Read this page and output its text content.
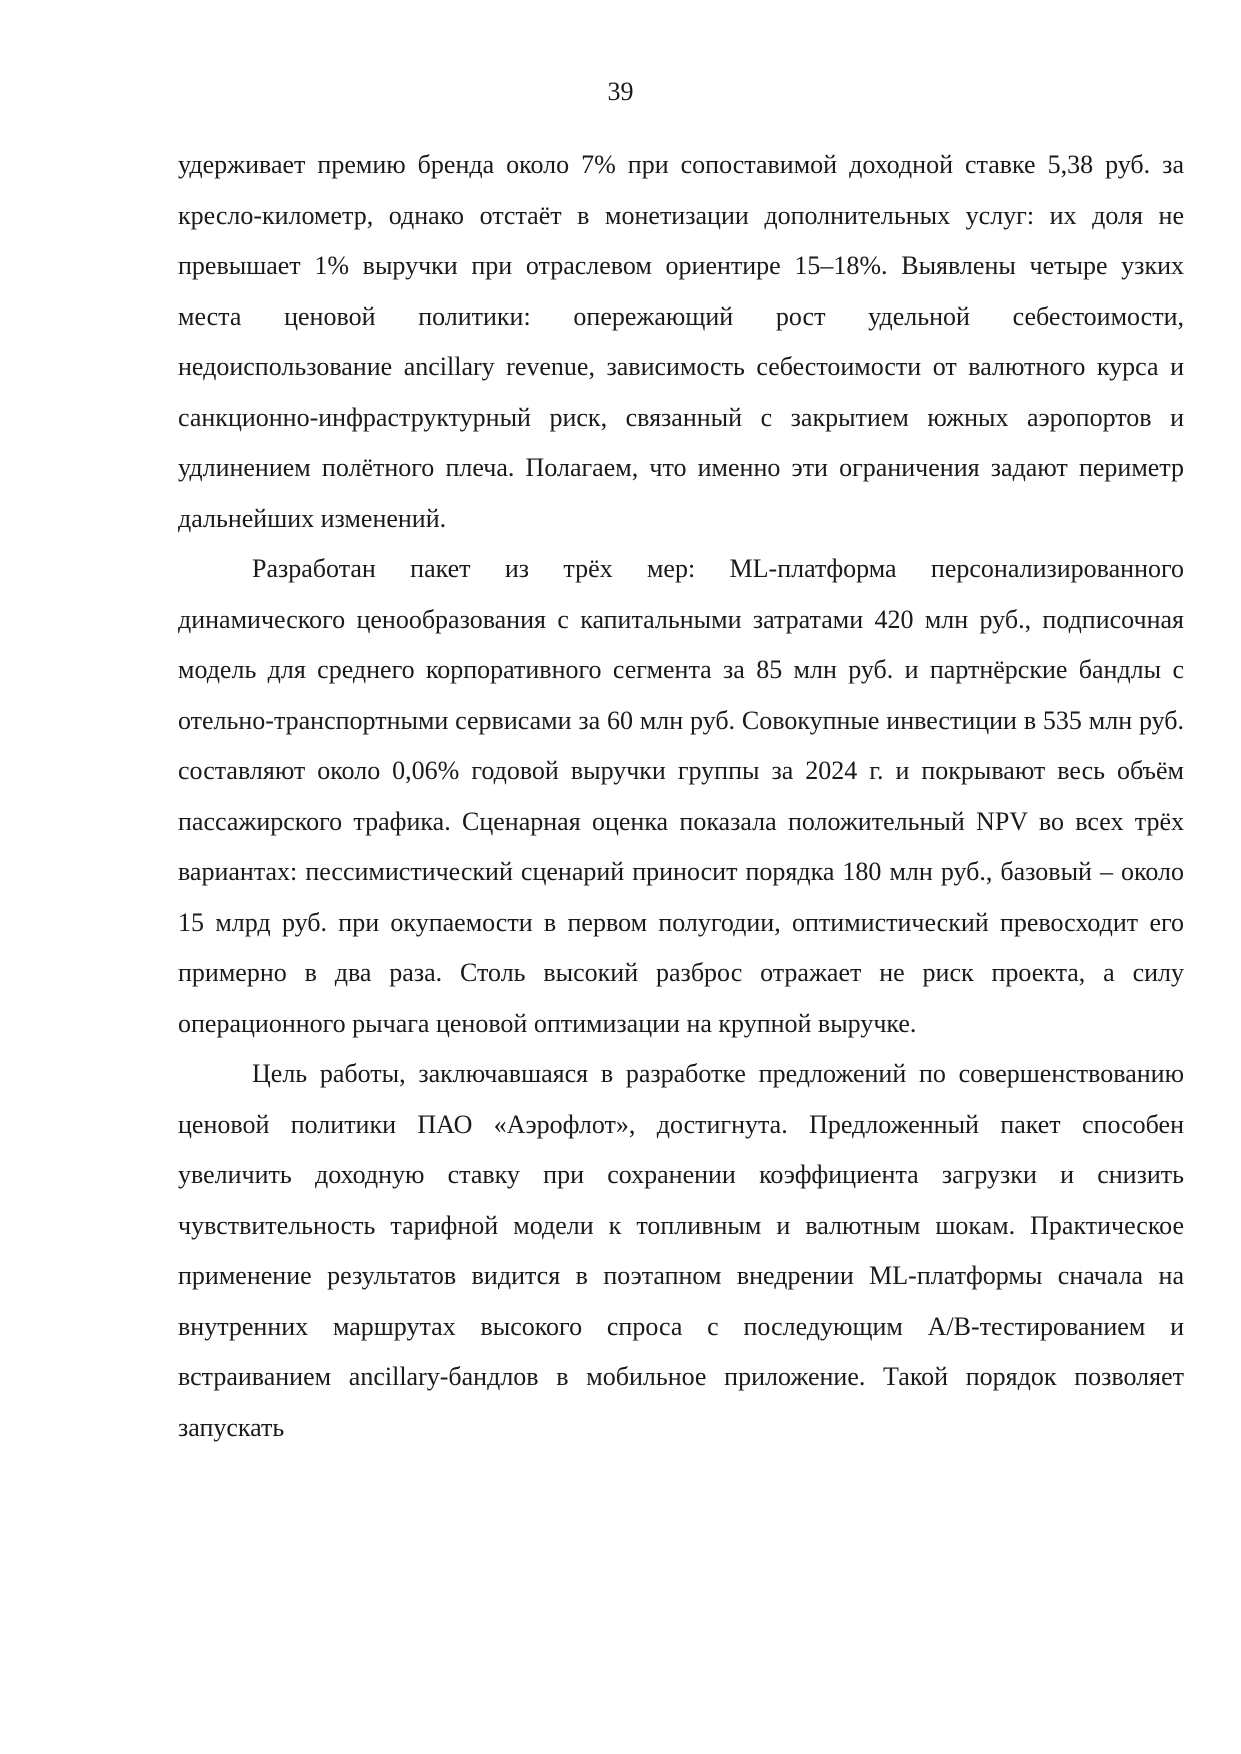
39

удерживает премию бренда около 7% при сопоставимой доходной ставке 5,38 руб. за кресло-километр, однако отстаёт в монетизации дополнительных услуг: их доля не превышает 1% выручки при отраслевом ориентире 15–18%. Выявлены четыре узких места ценовой политики: опережающий рост удельной себестоимости, недоиспользование ancillary revenue, зависимость себестоимости от валютного курса и санкционно-инфраструктурный риск, связанный с закрытием южных аэропортов и удлинением полётного плеча. Полагаем, что именно эти ограничения задают периметр дальнейших изменений.

Разработан пакет из трёх мер: ML-платформа персонализированного динамического ценообразования с капитальными затратами 420 млн руб., подписочная модель для среднего корпоративного сегмента за 85 млн руб. и партнёрские бандлы с отельно-транспортными сервисами за 60 млн руб. Совокупные инвестиции в 535 млн руб. составляют около 0,06% годовой выручки группы за 2024 г. и покрывают весь объём пассажирского трафика. Сценарная оценка показала положительный NPV во всех трёх вариантах: пессимистический сценарий приносит порядка 180 млн руб., базовый – около 15 млрд руб. при окупаемости в первом полугодии, оптимистический превосходит его примерно в два раза. Столь высокий разброс отражает не риск проекта, а силу операционного рычага ценовой оптимизации на крупной выручке.

Цель работы, заключавшаяся в разработке предложений по совершенствованию ценовой политики ПАО «Аэрофлот», достигнута. Предложенный пакет способен увеличить доходную ставку при сохранении коэффициента загрузки и снизить чувствительность тарифной модели к топливным и валютным шокам. Практическое применение результатов видится в поэтапном внедрении ML-платформы сначала на внутренних маршрутах высокого спроса с последующим A/B-тестированием и встраиванием ancillary-бандлов в мобильное приложение. Такой порядок позволяет запускать
